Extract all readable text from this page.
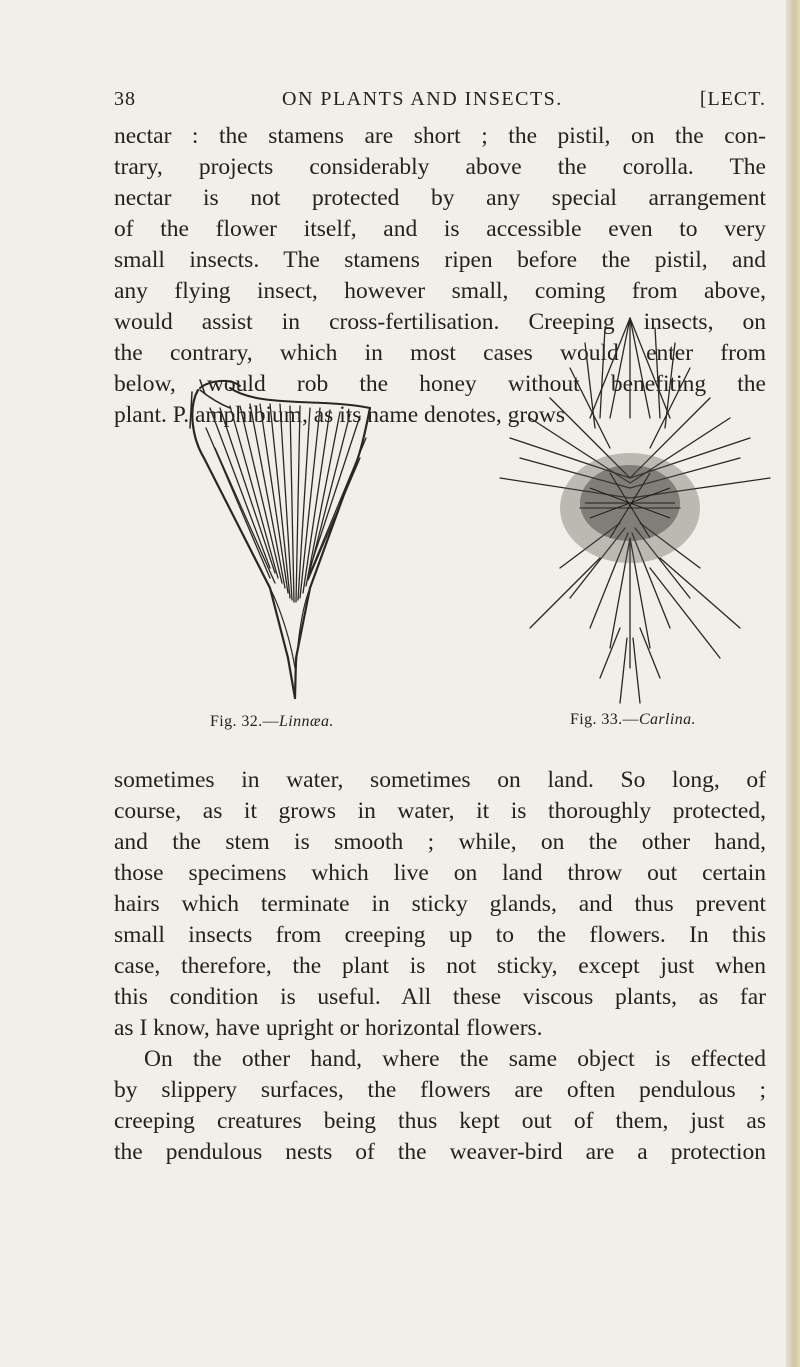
38	ON PLANTS AND INSECTS.	[LECT.
nectar : the stamens are short ; the pistil, on the con-
trary, projects considerably above the corolla. The
nectar is not protected by any special arrangement
of the flower itself, and is accessible even to very
small insects. The stamens ripen before the pistil, and
any flying insect, however small, coming from above,
would assist in cross-fertilisation. Creeping insects, on
the contrary, which in most cases would enter from
below, would rob the honey without benefiting the
plant. P. amphibium, as its name denotes, grows
Fig. 32.—Linnæa.	Fig. 33.—Carlina.
sometimes in water, sometimes on land. So long, of
course, as it grows in water, it is thoroughly protected,
and the stem is smooth ; while, on the other hand,
those specimens which live on land throw out certain
hairs which terminate in sticky glands, and thus prevent
small insects from creeping up to the flowers. In this
case, therefore, the plant is not sticky, except just when
this condition is useful. All these viscous plants, as far
as I know, have upright or horizontal flowers.
On the other hand, where the same object is effected
by slippery surfaces, the flowers are often pendulous ;
creeping creatures being thus kept out of them, just as
the pendulous nests of the weaver-bird are a protection
